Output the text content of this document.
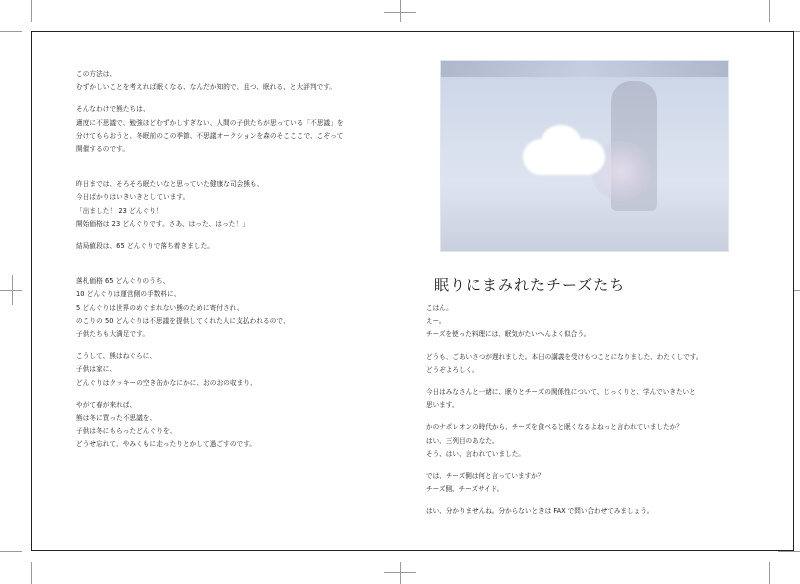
この方法は、
むずかしいことを考えれば眠くなる、なんだか知的で、且つ、眠れる、と大評判です。
そんなわけで熊たちは、
適度に不思議で、勉強ほどむずかしすぎない、人間の子供たちが思っている「不思議」を
分けてもらおうと、冬眠前のこの季節、不思議オークションを森のそこここで、こぞって
開催するのです。
昨日までは、そろそろ眠たいなと思っていた健康な司会熊も、
今日ばかりはいきいきとしています。
「出ました！ 23 どんぐり！
開始価格は 23 どんぐりです。さあ、はった、はった！」
結局値段は、65 どんぐりで落ち着きました。
落札価格 65 どんぐりのうち、
10 どんぐりは運営側の手数料に、
5 どんぐりは世界のめぐまれない熊のために寄付され、
のこりの 50 どんぐりは不思議を提供してくれた人に支払われるので、
子供たちも大満足です。
こうして、熊はねぐらに、
子供は家に、
どんぐりはクッキーの空き缶かなにかに、おのおの収まり、
やがて春が来れば、
熊は冬に買った不思議を、
子供は冬にもらったどんぐりを、
どうせ忘れて、やみくもに走ったりとかして過ごすのです。
眠りにまみれたチーズたち
こはん。
えー。
チーズを使った料理には、眠気がたいへんよく似合う。
どうも、ごあいさつが遅れました。本日の講義を受けもつことになりました、わたくしです。
どうぞよろしく。
今日はみなさんと一緒に、眠りとチーズの関係性について、じっくりと、学んでいきたいと
思います。
かのナポレオンの時代から、チーズを食べると眠くなるよねっと言われていましたか？
はい、三列目のあなた。
そう、はい、言われていました。
では、チーズ側は何と言っていますか？
チーズ側、チーズサイド。
はい、分かりませんね。分からないときは FAX で問い合わせてみましょう。
